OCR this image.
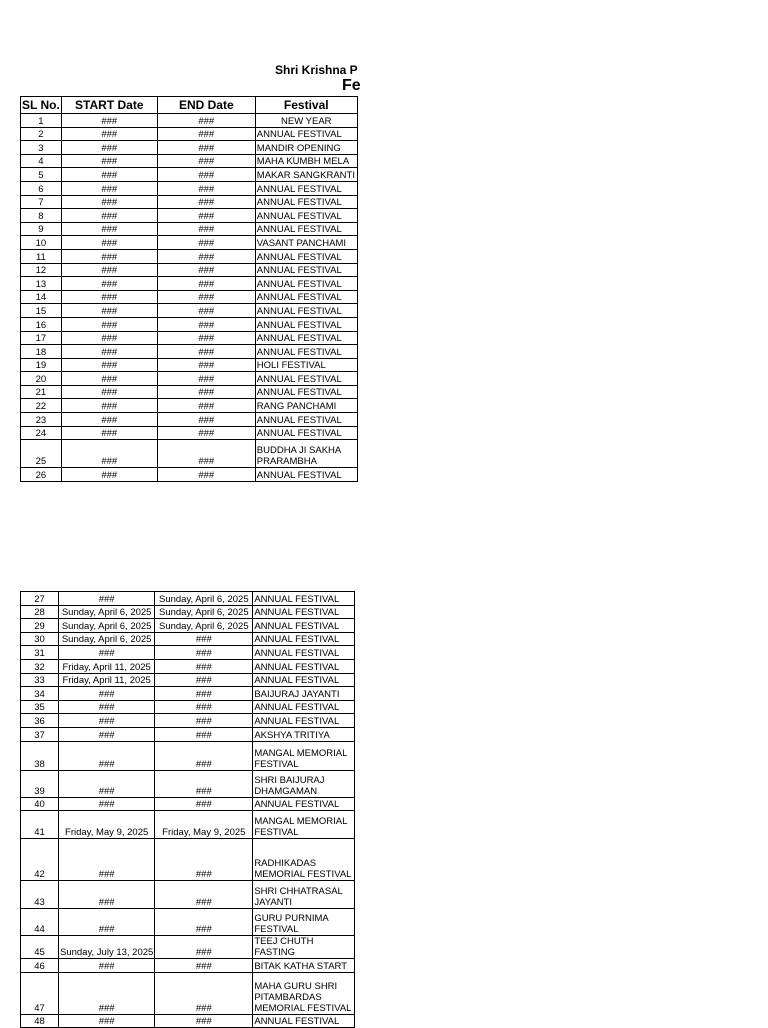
Shri Krishna P
Fe
SL No.	START Date	END Date	Festival
1	###	###	NEW YEAR
2	###	###	ANNUAL FESTIVAL
3	###	###	MANDIR OPENING
4	###	###	MAHA KUMBH MELA
5	###	###	MAKAR SANGKRANTI
6	###	###	ANNUAL FESTIVAL
7	###	###	ANNUAL FESTIVAL
8	###	###	ANNUAL FESTIVAL
9	###	###	ANNUAL FESTIVAL
10	###	###	VASANT PANCHAMI
11	###	###	ANNUAL FESTIVAL
12	###	###	ANNUAL FESTIVAL
13	###	###	ANNUAL FESTIVAL
14	###	###	ANNUAL FESTIVAL
15	###	###	ANNUAL FESTIVAL
16	###	###	ANNUAL FESTIVAL
17	###	###	ANNUAL FESTIVAL
18	###	###	ANNUAL FESTIVAL
19	###	###	HOLI FESTIVAL
20	###	###	ANNUAL FESTIVAL
21	###	###	ANNUAL FESTIVAL
22	###	###	RANG PANCHAMI
23	###	###	ANNUAL FESTIVAL
24	###	###	ANNUAL FESTIVAL
25	###	###	BUDDHA JI SAKHA
PRARAMBHA
26	###	###	ANNUAL FESTIVAL
27	###	Sunday, April 6, 2025	ANNUAL FESTIVAL
28	Sunday, April 6, 2025	Sunday, April 6, 2025	ANNUAL FESTIVAL
29	Sunday, April 6, 2025	Sunday, April 6, 2025	ANNUAL FESTIVAL
30	Sunday, April 6, 2025	###	ANNUAL FESTIVAL
31	###	###	ANNUAL FESTIVAL
32	Friday, April 11, 2025	###	ANNUAL FESTIVAL
33	Friday, April 11, 2025	###	ANNUAL FESTIVAL
34	###	###	BAIJURAJ JAYANTI
35	###	###	ANNUAL FESTIVAL
36	###	###	ANNUAL FESTIVAL
37	###	###	AKSHYA TRITIYA
38	###	###	MANGAL MEMORIAL
FESTIVAL
39	###	###	SHRI BAIJURAJ
DHAMGAMAN
40	###	###	ANNUAL FESTIVAL
41	Friday, May 9, 2025	Friday, May 9, 2025	MANGAL MEMORIAL
FESTIVAL
42	###	###	RADHIKADAS
MEMORIAL FESTIVAL
43	###	###	SHRI CHHATRASAL
JAYANTI
44	###	###	GURU PURNIMA
FESTIVAL
45	Sunday, July 13, 2025	###	TEEJ CHUTH FASTING
46	###	###	BITAK KATHA START
47	###	###	MAHA GURU SHRI
PITAMBARDAS
MEMORIAL FESTIVAL
48	###	###	ANNUAL FESTIVAL
